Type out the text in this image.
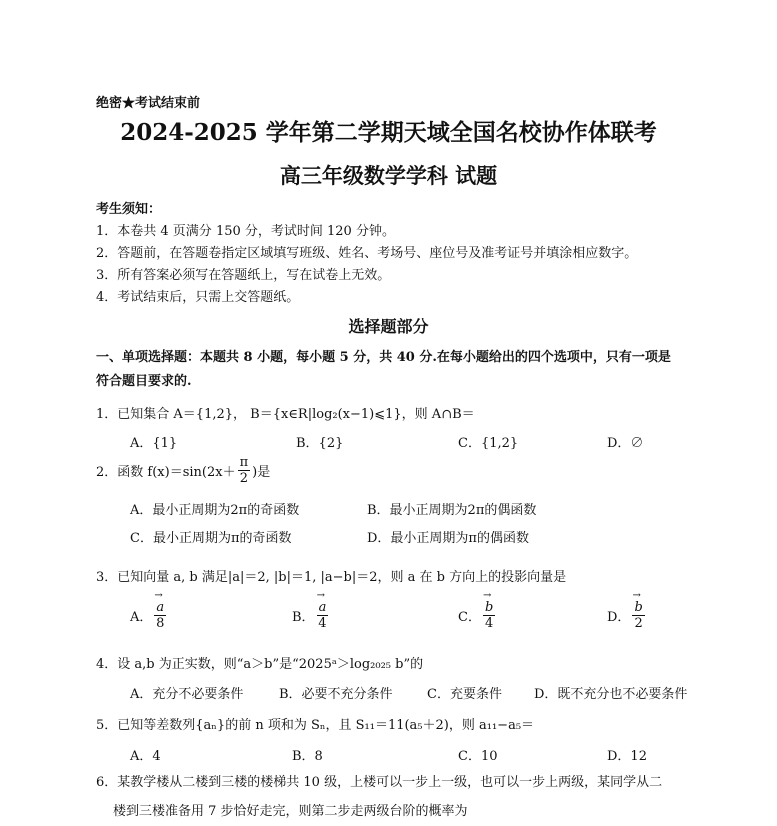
绝密★考试结束前
2024-2025 学年第二学期天域全国名校协作体联考
高三年级数学学科 试题
考生须知：
1．本卷共 4 页满分 150 分，考试时间 120 分钟。
2．答题前，在答题卷指定区域填写班级、姓名、考场号、座位号及准考证号并填涂相应数字。
3．所有答案必须写在答题纸上，写在试卷上无效。
4．考试结束后，只需上交答题纸。
选择题部分
一、单项选择题：本题共 8 小题，每小题 5 分，共 40 分.在每小题给出的四个选项中，只有一项是
符合题目要求的.
1．已知集合 A＝{1,2}， B＝{x∈R|log₂(x−1)⩽1}，则 A∩B＝
A．{1}	B．{2}	C．{1,2}	D．∅
2．函数 $f(x)=\sin(2x+ \frac{\pi}{2}$ )是
A．最小正周期为2π的奇函数	B．最小正周期为2π的偶函数
C．最小正周期为π的奇函数	D．最小正周期为π的偶函数
3．已知向量 a, b 满足|a|＝2, |b|＝1, |a−b|＝2，则 a 在 b 方向上的投影向量是
A． → $\frac{a}{8}$	B． → $\frac{a}{4}$	C． → $\frac{b}{4}$	D． → $\frac{b}{2}$
4．设 a,b 为正实数，则“a＞b”是“2025ᵃ＞log₂₀₂₅ b”的
A．充分不必要条件	B．必要不充分条件	C．充要条件 D．既不充分也不必要条件
5．已知等差数列{aₙ}的前 n 项和为 Sₙ，且 S₁₁＝11(a₅＋2)，则 a₁₁−a₅＝
A．4	B．8	C．10	D．12
6．某教学楼从二楼到三楼的楼梯共 10 级，上楼可以一步上一级，也可以一步上两级，某同学从二
楼到三楼准备用 7 步恰好走完，则第二步走两级台阶的概率为
